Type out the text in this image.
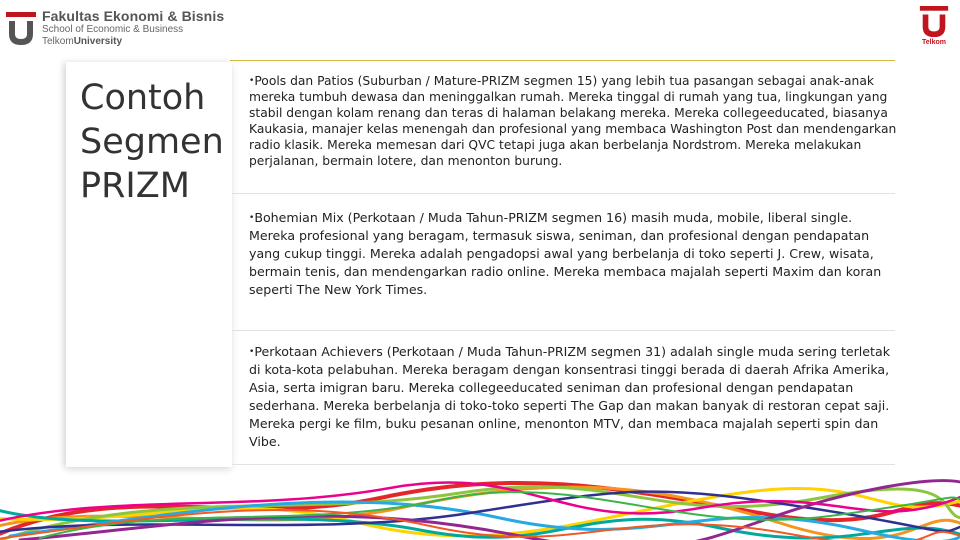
Fakultas Ekonomi & Bisnis
School of Economic & Business
TelkomUniversity	Telkom
Contoh Segmen PRIZM
•Pools dan Patios (Suburban / Mature-PRIZM segmen 15) yang lebih tua pasangan sebagai anak-anak mereka tumbuh dewasa dan meninggalkan rumah. Mereka tinggal di rumah yang tua, lingkungan yang stabil dengan kolam renang dan teras di halaman belakang mereka. Mereka collegeeducated, biasanya Kaukasia, manajer kelas menengah dan profesional yang membaca Washington Post dan mendengarkan radio klasik. Mereka memesan dari QVC tetapi juga akan berbelanja Nordstrom. Mereka melakukan perjalanan, bermain lotere, dan menonton burung.
•Bohemian Mix (Perkotaan / Muda Tahun-PRIZM segmen 16) masih muda, mobile, liberal single. Mereka profesional yang beragam, termasuk siswa, seniman, dan profesional dengan pendapatan yang cukup tinggi. Mereka adalah pengadopsi awal yang berbelanja di toko seperti J. Crew, wisata, bermain tenis, dan mendengarkan radio online. Mereka membaca majalah seperti Maxim dan koran seperti The New York Times.
•Perkotaan Achievers (Perkotaan / Muda Tahun-PRIZM segmen 31) adalah single muda sering terletak di kota-kota pelabuhan. Mereka beragam dengan konsentrasi tinggi berada di daerah Afrika Amerika, Asia, serta imigran baru. Mereka collegeeducated seniman dan profesional dengan pendapatan sederhana. Mereka berbelanja di toko-toko seperti The Gap dan makan banyak di restoran cepat saji. Mereka pergi ke film, buku pesanan online, menonton MTV, dan membaca majalah seperti spin dan Vibe.
